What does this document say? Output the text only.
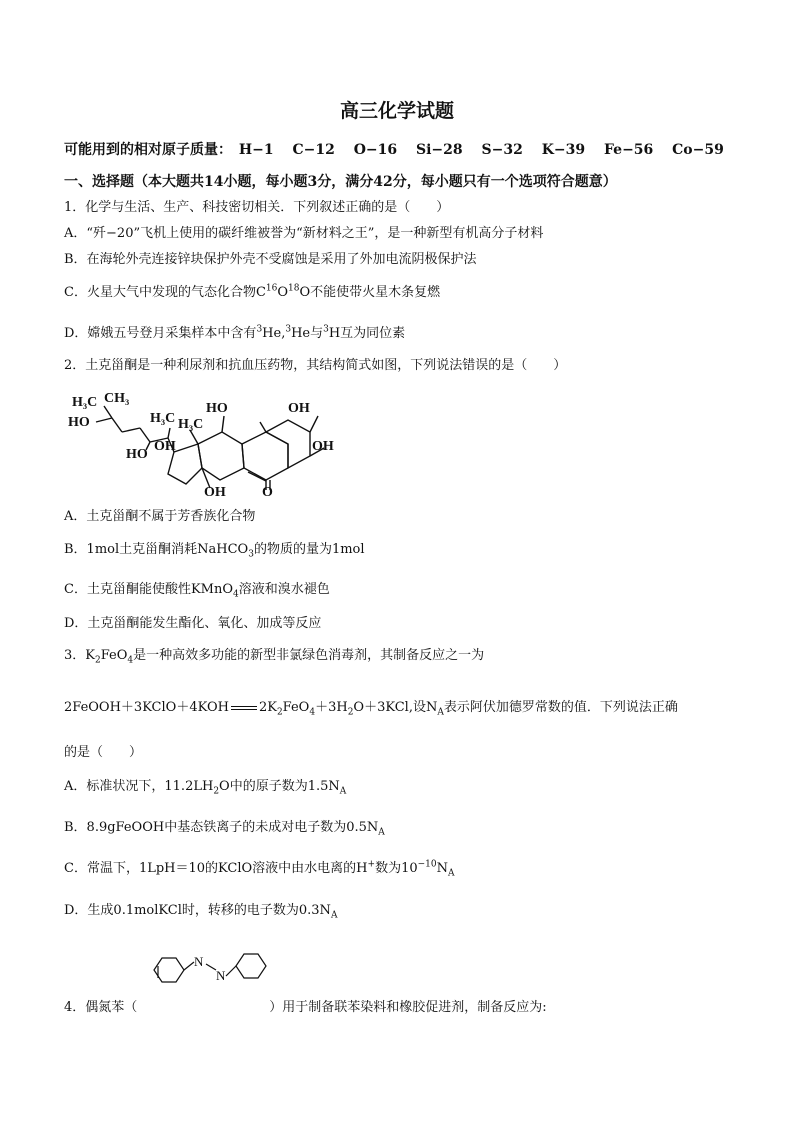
高三化学试题
可能用到的相对原子质量： H−1 C−12 O−16 Si−28 S−32 K−39 Fe−56 Co−59
一、选择题（本大题共14小题，每小题3分，满分42分，每小题只有一个选项符合题意）
1．化学与生活、生产、科技密切相关．下列叙述正确的是（　　）
A．“歼−20”飞机上使用的碳纤维被誉为“新材料之王”，是一种新型有机高分子材料
B．在海轮外壳连接锌块保护外壳不受腐蚀是采用了外加电流阴极保护法
C．火星大气中发现的气态化合物$C^{16}O^{18}O$不能使带火星木条复燃
D．嫦娥五号登月采集样本中含有$^3$He,$^3$He与$^3$H互为同位素
2．土克甾酮是一种利尿剂和抗血压药物，其结构简式如图，下列说法错误的是（　　）
H₃C CH₃
HO	H₃C
HO
OH
HO
H₃C
OH
OH
OH	O
A．土克甾酮不属于芳香族化合物
B．1mol土克甾酮消耗NaHCO$_3$的物质的量为1mol
C．土克甾酮能使酸性KMnO$_4$溶液和溴水褪色
D．土克甾酮能发生酯化、氧化、加成等反应
3．$K_2FeO_4$是一种高效多功能的新型非氯绿色消毒剂，其制备反应之一为
2FeOOH＋3KClO＋4KOH $2K_2FeO_4+3H_2O+3KCl$,设$N_A$表示阿伏加德罗常数的值．下列说法正确
的是（　　）
A．标准状况下，$11.2LH_2O$中的原子数为$1.5N_A$
B．8.9gFeOOH中基态铁离子的未成对电子数为$0.5N_A$
C．常温下，1LpH＝10的KClO溶液中由水电离的H+数为$10^{-10}N_A$
D．生成0.1molKCl时，转移的电子数为$0.3N_A$
N
N
4．偶氮苯（	）用于制备联苯染料和橡胶促进剂，制备反应为:
